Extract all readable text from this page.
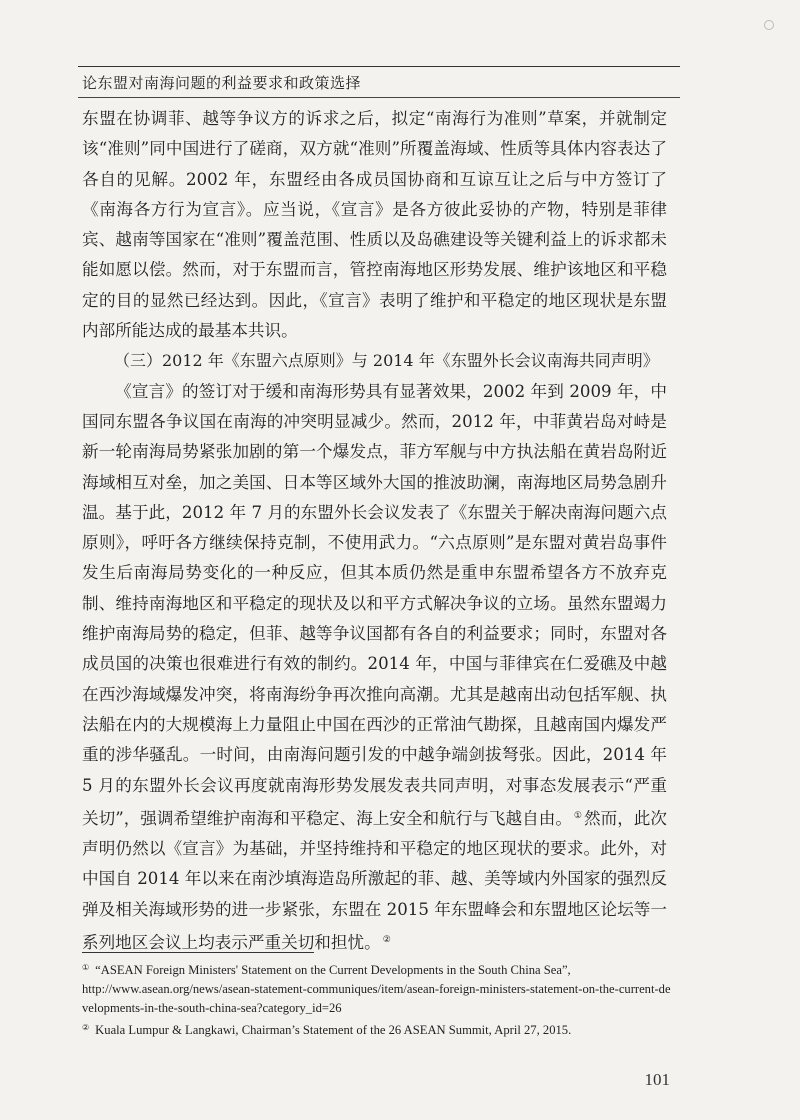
论东盟对南海问题的利益要求和政策选择

东盟在协调菲、越等争议方的诉求之后，拟定“南海行为准则”草案，并就制定该“准则”同中国进行了磋商，双方就“准则”所覆盖海域、性质等具体内容表达了各自的见解。2002 年，东盟经由各成员国协商和互谅互让之后与中方签订了《南海各方行为宣言》。应当说，《宣言》是各方彼此妥协的产物，特别是菲律宾、越南等国家在“准则”覆盖范围、性质以及岛礁建设等关键利益上的诉求都未能如愿以偿。然而，对于东盟而言，管控南海地区形势发展、维护该地区和平稳定的目的显然已经达到。因此，《宣言》表明了维护和平稳定的地区现状是东盟内部所能达成的最基本共识。

（三）2012 年《东盟六点原则》与 2014 年《东盟外长会议南海共同声明》

《宣言》的签订对于缓和南海形势具有显著效果，2002 年到 2009 年，中国同东盟各争议国在南海的冲突明显减少。然而，2012 年，中菲黄岩岛对峙是新一轮南海局势紧张加剧的第一个爆发点，菲方军舰与中方执法船在黄岩岛附近海域相互对垒，加之美国、日本等区域外大国的推波助澜，南海地区局势急剧升温。基于此，2012 年 7 月的东盟外长会议发表了《东盟关于解决南海问题六点原则》，呼吁各方继续保持克制，不使用武力。“六点原则”是东盟对黄岩岛事件发生后南海局势变化的一种反应，但其本质仍然是重申东盟希望各方不放弃克制、维持南海地区和平稳定的现状及以和平方式解决争议的立场。虽然东盟竭力维护南海局势的稳定，但菲、越等争议国都有各自的利益要求；同时，东盟对各成员国的决策也很难进行有效的制约。2014 年，中国与菲律宾在仁爱礁及中越在西沙海域爆发冲突，将南海纷争再次推向高潮。尤其是越南出动包括军舰、执法船在内的大规模海上力量阻止中国在西沙的正常油气勘探，且越南国内爆发严重的涉华骚乱。一时间，由南海问题引发的中越争端剑拔弩张。因此，2014 年 5 月的东盟外长会议再度就南海形势发展发表共同声明，对事态发展表示“严重关切”，强调希望维护南海和平稳定、海上安全和航行与飞越自由。 ① 然而，此次声明仍然以《宣言》为基础，并坚持维持和平稳定的地区现状的要求。此外，对中国自 2014 年以来在南沙填海造岛所激起的菲、越、美等域内外国家的强烈反弹及相关海域形势的进一步紧张，东盟在 2015 年东盟峰会和东盟地区论坛等一系列地区会议上均表示严重关切和担忧。 ②

① “ASEAN Foreign Ministers' Statement on the Current Developments in the South China Sea”,

http://www.asean.org/news/asean-statement-communiques/item/asean-foreign-ministers-statement-on-the-current-developments-in-the-south-china-sea?category_id=26

② Kuala Lumpur & Langkawi, Chairman’s Statement of the 26 ASEAN Summit, April 27, 2015.

101
